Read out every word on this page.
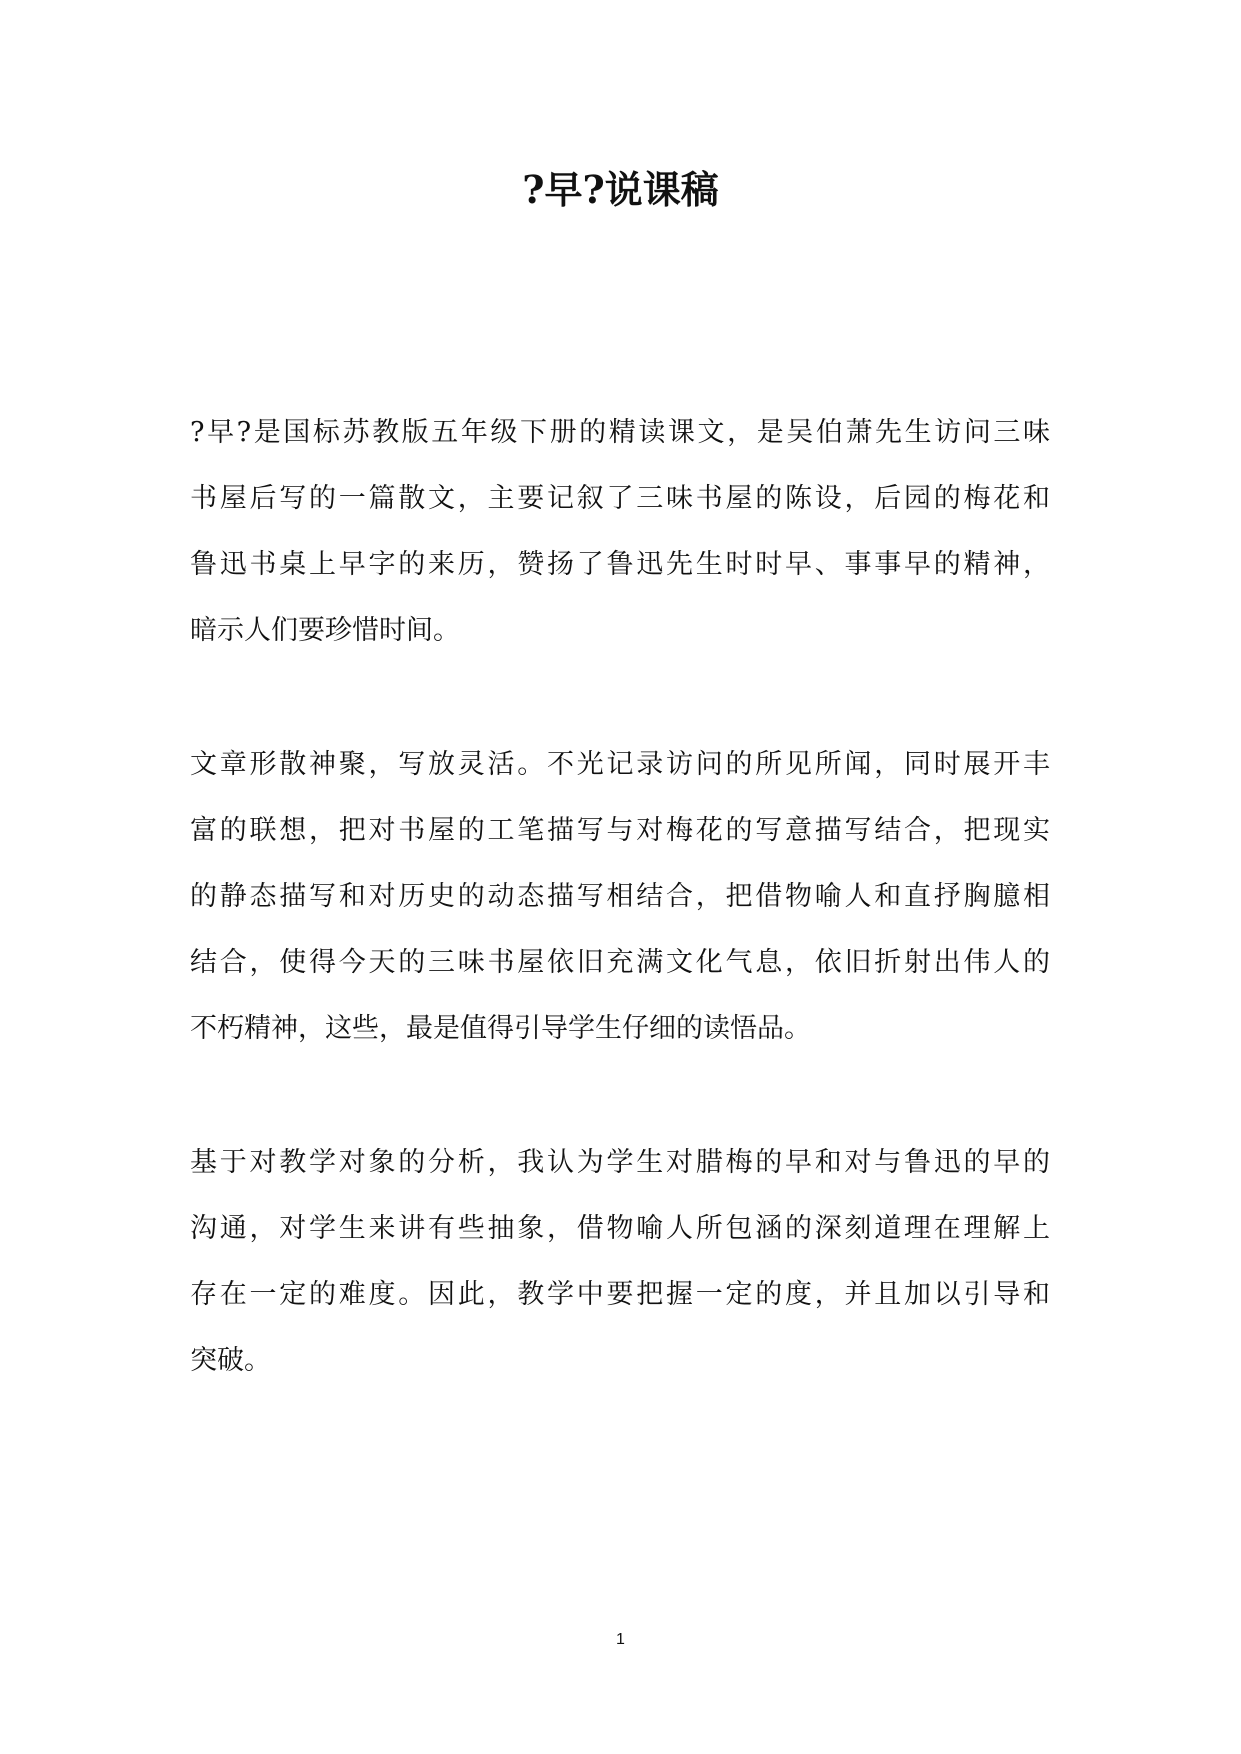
?早?说课稿

?早?是国标苏教版五年级下册的精读课文，是吴伯萧先生访问三味
书屋后写的一篇散文，主要记叙了三味书屋的陈设，后园的梅花和
鲁迅书桌上早字的来历，赞扬了鲁迅先生时时早、事事早的精神，
暗示人们要珍惜时间。

文章形散神聚，写放灵活。不光记录访问的所见所闻，同时展开丰
富的联想，把对书屋的工笔描写与对梅花的写意描写结合，把现实
的静态描写和对历史的动态描写相结合，把借物喻人和直抒胸臆相
结合，使得今天的三味书屋依旧充满文化气息，依旧折射出伟人的
不朽精神，这些，最是值得引导学生仔细的读悟品。

基于对教学对象的分析，我认为学生对腊梅的早和对与鲁迅的早的
沟通，对学生来讲有些抽象，借物喻人所包涵的深刻道理在理解上
存在一定的难度。因此，教学中要把握一定的度，并且加以引导和
突破。

1
